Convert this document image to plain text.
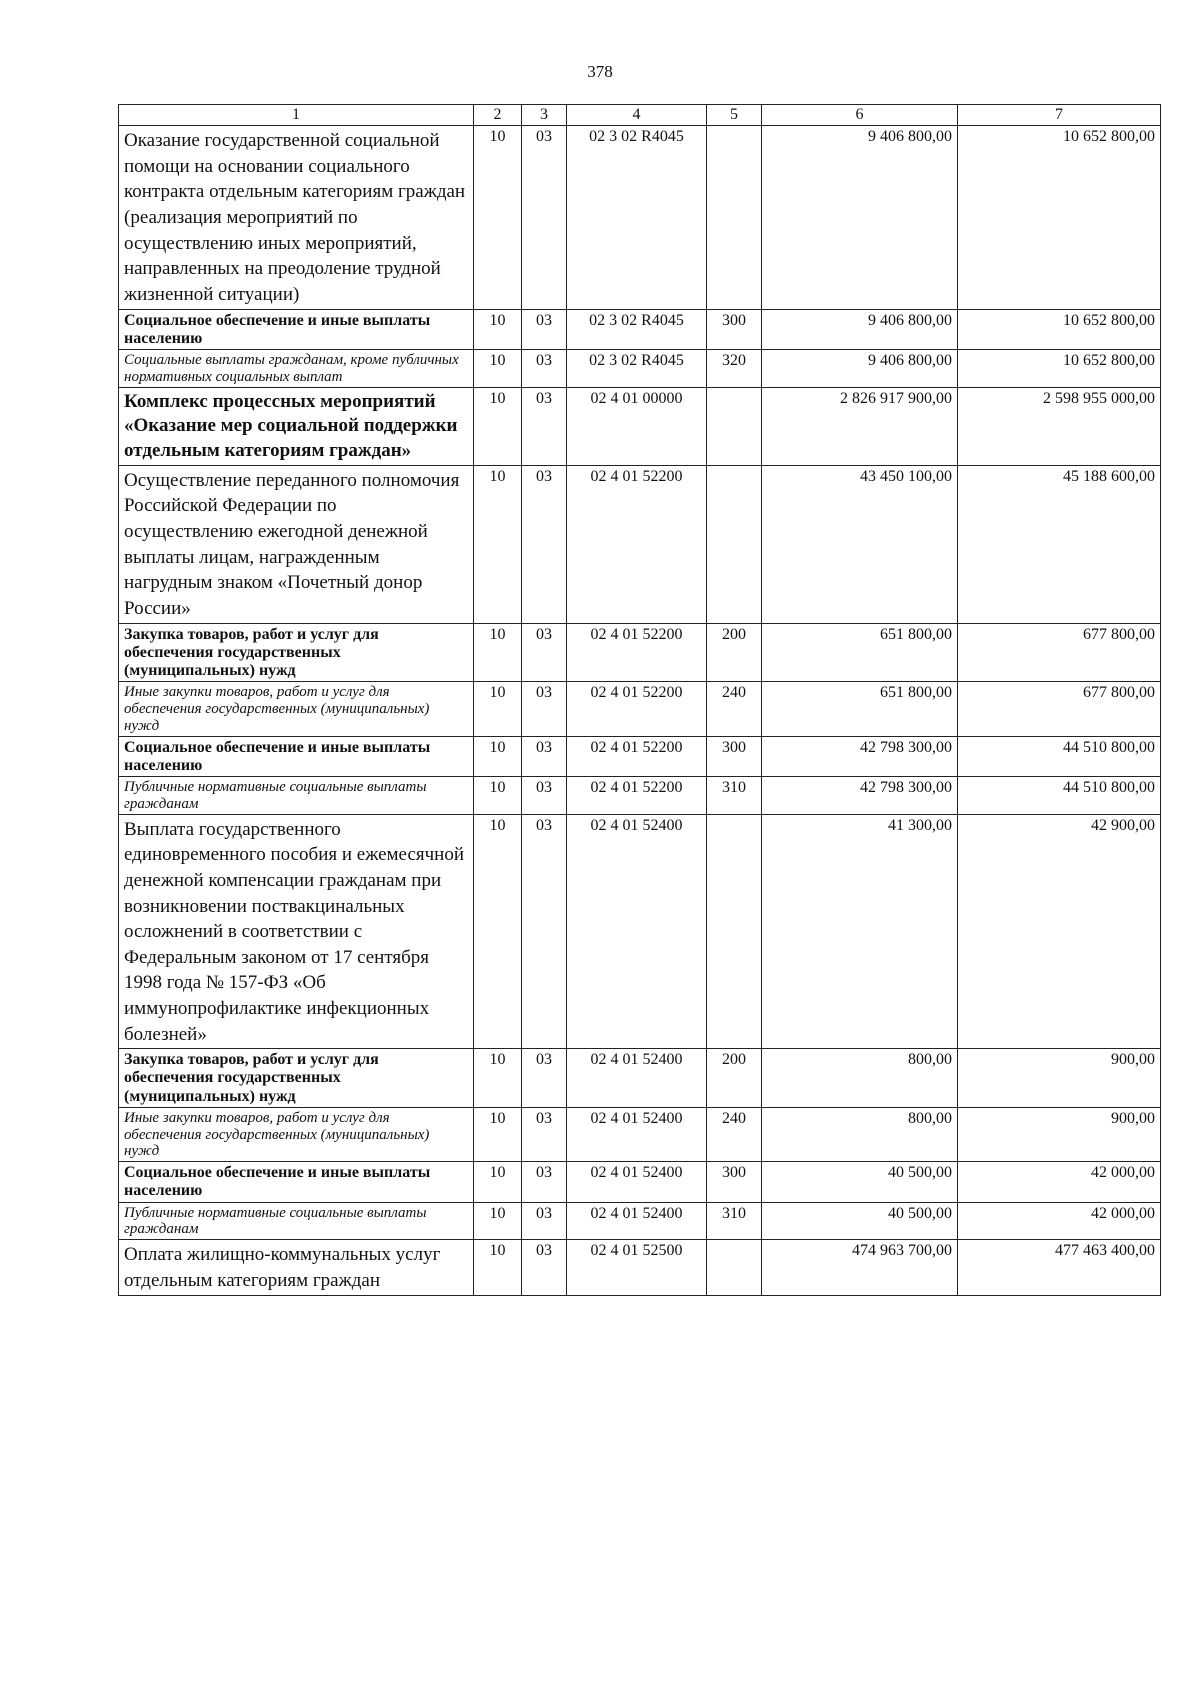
378
1	2	3	4	5	6	7
Оказание государственной социальной помощи на основании социального контракта отдельным категориям граждан (реализация мероприятий по осуществлению иных мероприятий, направленных на преодоление трудной жизненной ситуации)	10	03	02 3 02 R4045		9 406 800,00	10 652 800,00
Социальное обеспечение и иные выплаты населению	10	03	02 3 02 R4045	300	9 406 800,00	10 652 800,00
Социальные выплаты гражданам, кроме публичных нормативных социальных выплат	10	03	02 3 02 R4045	320	9 406 800,00	10 652 800,00
Комплекс процессных мероприятий «Оказание мер социальной поддержки отдельным категориям граждан»	10	03	02 4 01 00000		2 826 917 900,00	2 598 955 000,00
Осуществление переданного полномочия Российской Федерации по осуществлению ежегодной денежной выплаты лицам, награжденным нагрудным знаком «Почетный донор России»	10	03	02 4 01 52200		43 450 100,00	45 188 600,00
Закупка товаров, работ и услуг для обеспечения государственных (муниципальных) нужд	10	03	02 4 01 52200	200	651 800,00	677 800,00
Иные закупки товаров, работ и услуг для обеспечения государственных (муниципальных) нужд	10	03	02 4 01 52200	240	651 800,00	677 800,00
Социальное обеспечение и иные выплаты населению	10	03	02 4 01 52200	300	42 798 300,00	44 510 800,00
Публичные нормативные социальные выплаты гражданам	10	03	02 4 01 52200	310	42 798 300,00	44 510 800,00
Выплата государственного единовременного пособия и ежемесячной денежной компенсации гражданам при возникновении поствакцинальных осложнений в соответствии с Федеральным законом от 17 сентября 1998 года № 157-ФЗ «Об иммунопрофилактике инфекционных болезней»	10	03	02 4 01 52400		41 300,00	42 900,00
Закупка товаров, работ и услуг для обеспечения государственных (муниципальных) нужд	10	03	02 4 01 52400	200	800,00	900,00
Иные закупки товаров, работ и услуг для обеспечения государственных (муниципальных) нужд	10	03	02 4 01 52400	240	800,00	900,00
Социальное обеспечение и иные выплаты населению	10	03	02 4 01 52400	300	40 500,00	42 000,00
Публичные нормативные социальные выплаты гражданам	10	03	02 4 01 52400	310	40 500,00	42 000,00
Оплата жилищно-коммунальных услуг отдельным категориям граждан	10	03	02 4 01 52500		474 963 700,00	477 463 400,00
